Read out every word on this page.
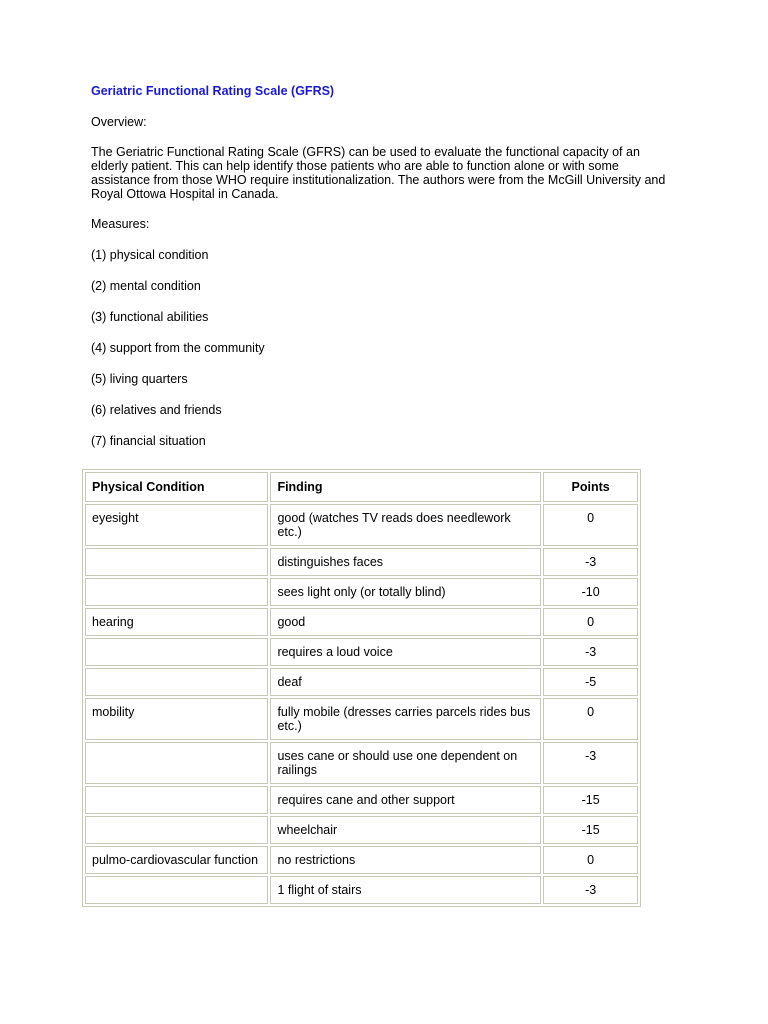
Geriatric Functional Rating Scale (GFRS)

Overview:

The Geriatric Functional Rating Scale (GFRS) can be used to evaluate the functional capacity of an elderly patient. This can help identify those patients who are able to function alone or with some assistance from those WHO require institutionalization. The authors were from the McGill University and Royal Ottowa Hospital in Canada.

Measures:

(1) physical condition

(2) mental condition

(3) functional abilities

(4) support from the community

(5) living quarters

(6) relatives and friends

(7) financial situation

Physical Condition	Finding	Points
eyesight	good (watches TV reads does needlework etc.)	0
	distinguishes faces	-3
	sees light only (or totally blind)	-10
hearing	good	0
	requires a loud voice	-3
	deaf	-5
mobility	fully mobile (dresses carries parcels rides bus etc.)	0
	uses cane or should use one dependent on railings	-3
	requires cane and other support	-15
	wheelchair	-15
pulmo-cardiovascular function	no restrictions	0
	1 flight of stairs	-3
